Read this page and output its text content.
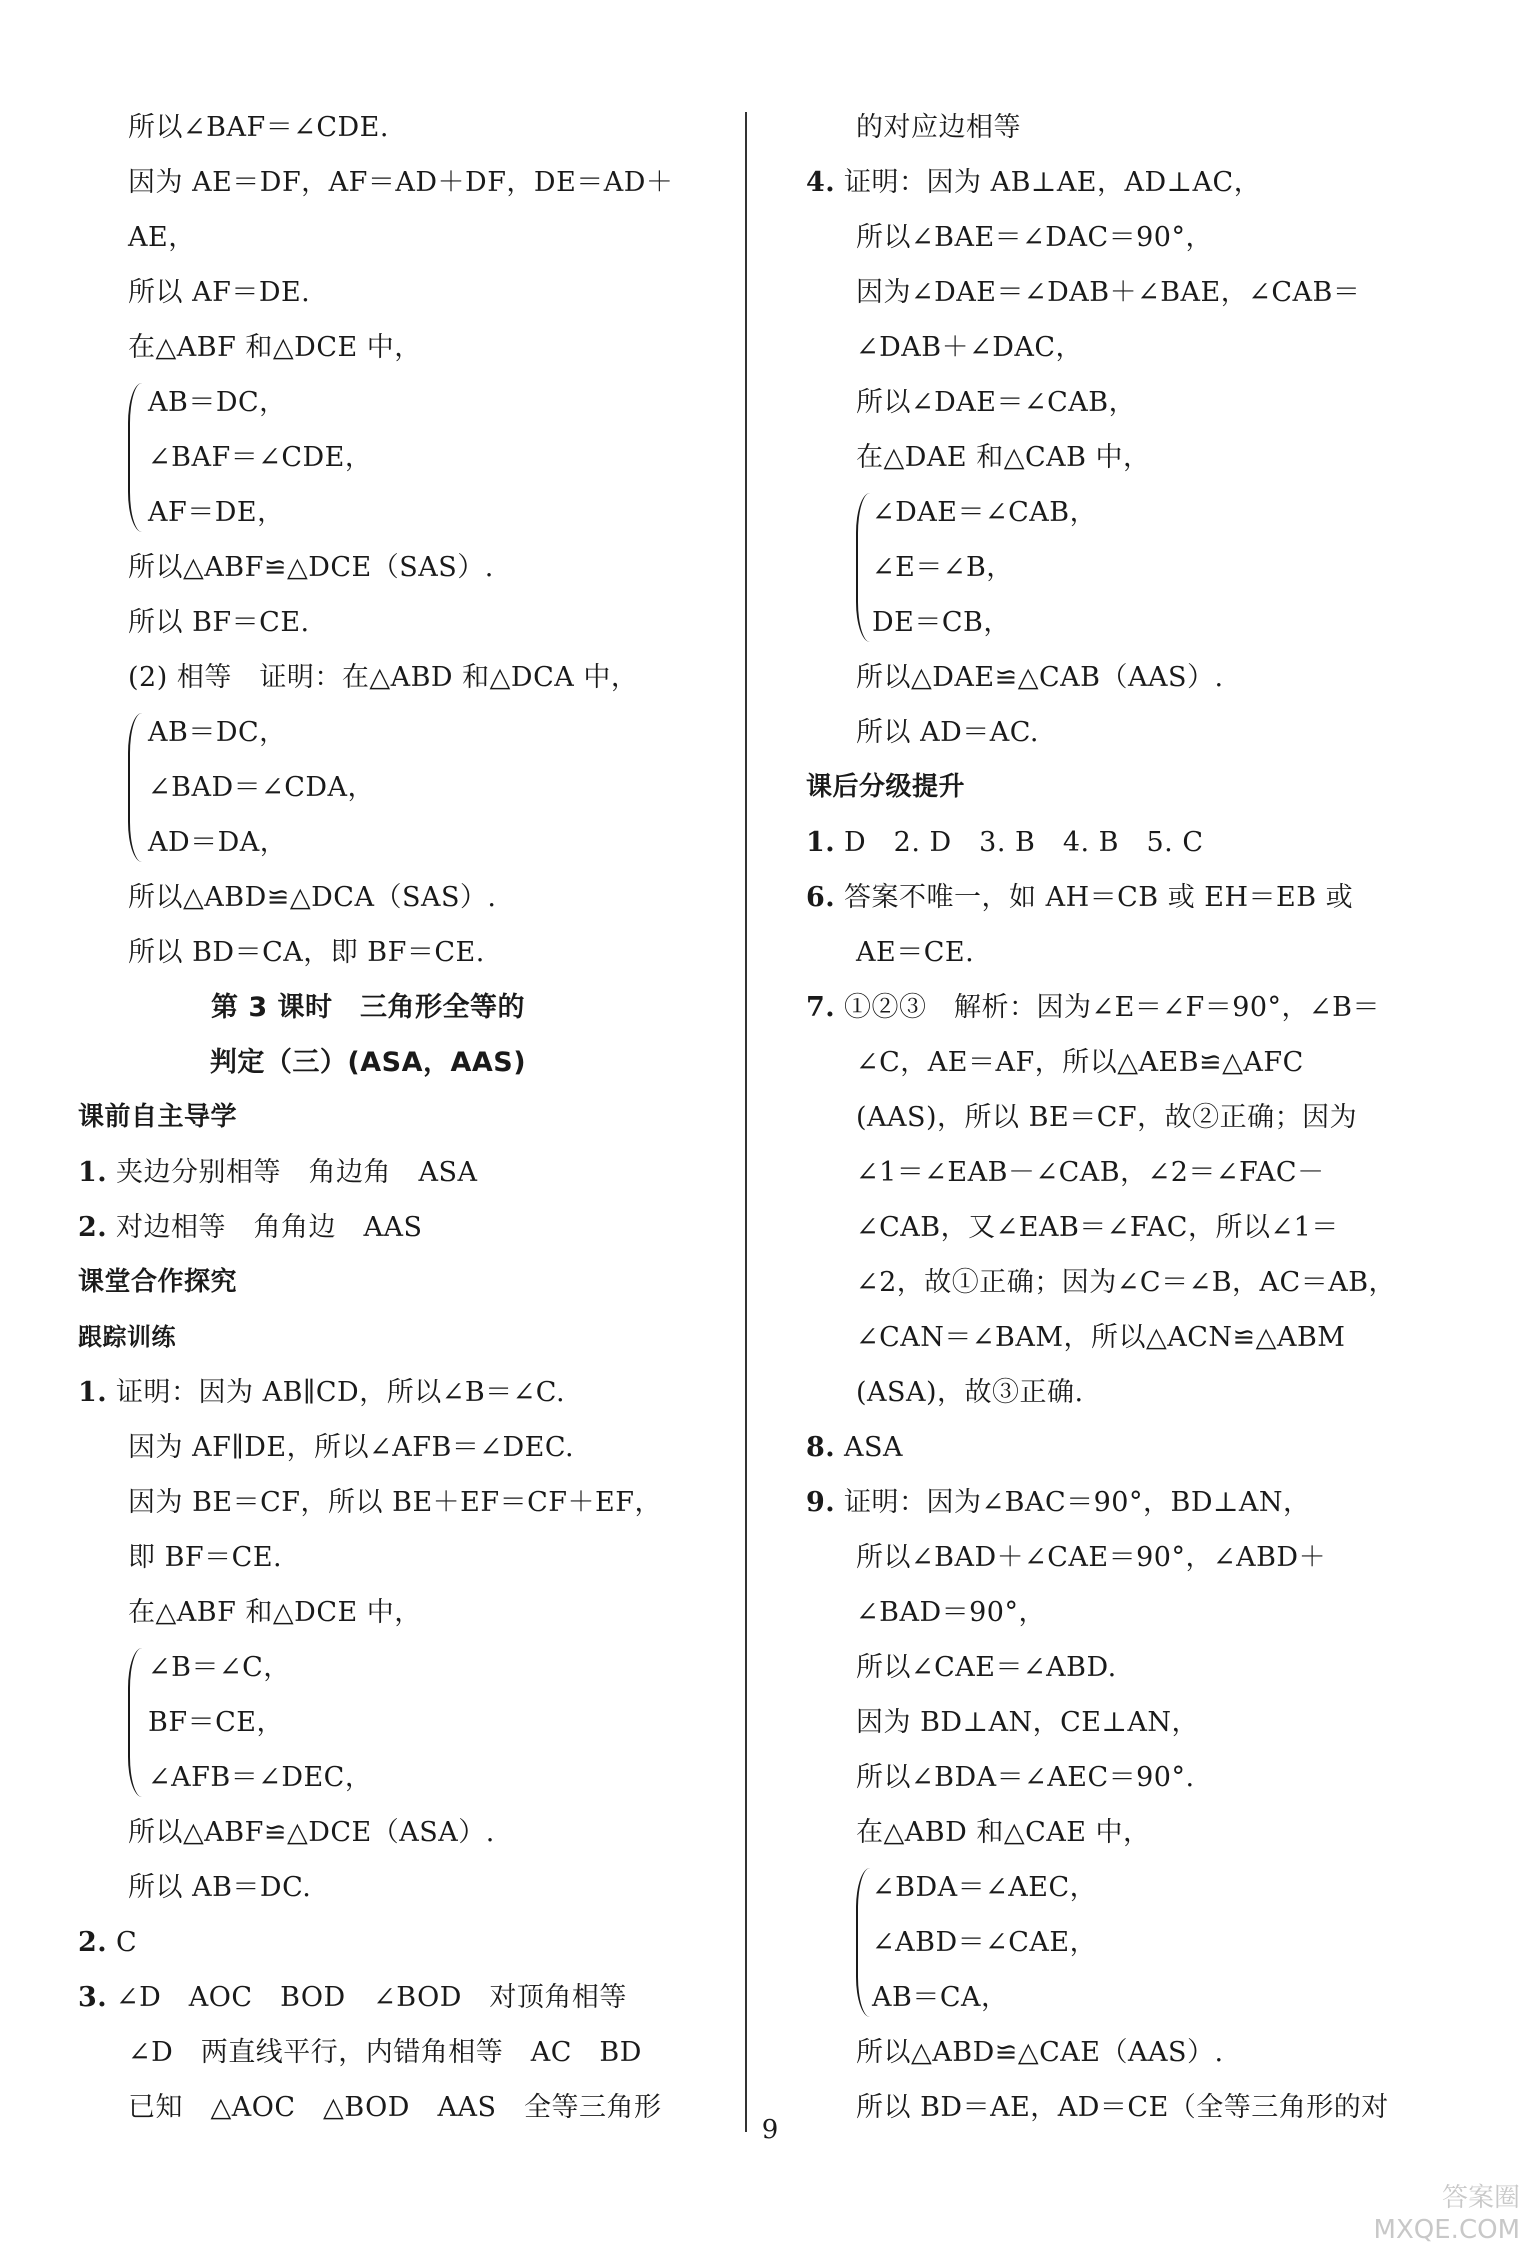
所以∠BAF＝∠CDE.
因为 AE＝DF，AF＝AD＋DF，DE＝AD＋
AE，
所以 AF＝DE.
在△ABF 和△DCE 中，
AB＝DC，
∠BAF＝∠CDE，
AF＝DE，
所以△ABF≌△DCE（SAS）.
所以 BF＝CE.
(2) 相等　证明：在△ABD 和△DCA 中，
AB＝DC，
∠BAD＝∠CDA，
AD＝DA，
所以△ABD≌△DCA（SAS）.
所以 BD＝CA，即 BF＝CE.
第 3 课时　三角形全等的
判定（三）(ASA，AAS)
课前自主导学
1. 夹边分别相等　角边角　ASA
2. 对边相等　角角边　AAS
课堂合作探究
跟踪训练
1. 证明：因为 AB∥CD，所以∠B＝∠C.
因为 AF∥DE，所以∠AFB＝∠DEC.
因为 BE＝CF，所以 BE＋EF＝CF＋EF，
即 BF＝CE.
在△ABF 和△DCE 中，
∠B＝∠C，
BF＝CE，
∠AFB＝∠DEC，
所以△ABF≌△DCE（ASA）.
所以 AB＝DC.
2. C
3. ∠D　AOC　BOD　∠BOD　对顶角相等
∠D　两直线平行，内错角相等　AC　BD
已知　△AOC　△BOD　AAS　全等三角形
的对应边相等
4. 证明：因为 AB⊥AE，AD⊥AC，
所以∠BAE＝∠DAC＝90°，
因为∠DAE＝∠DAB＋∠BAE，∠CAB＝
∠DAB＋∠DAC，
所以∠DAE＝∠CAB，
在△DAE 和△CAB 中，
∠DAE＝∠CAB，
∠E＝∠B，
DE＝CB，
所以△DAE≌△CAB（AAS）.
所以 AD＝AC.
课后分级提升
1. D　2. D　3. B　4. B　5. C
6. 答案不唯一，如 AH＝CB 或 EH＝EB 或
AE＝CE.
7. ①②③　解析：因为∠E＝∠F＝90°，∠B＝
∠C，AE＝AF，所以△AEB≌△AFC
(AAS)，所以 BE＝CF，故②正确；因为
∠1＝∠EAB－∠CAB，∠2＝∠FAC－
∠CAB，又∠EAB＝∠FAC，所以∠1＝
∠2，故①正确；因为∠C＝∠B，AC＝AB，
∠CAN＝∠BAM，所以△ACN≌△ABM
(ASA)，故③正确.
8. ASA
9. 证明：因为∠BAC＝90°，BD⊥AN，
所以∠BAD＋∠CAE＝90°，∠ABD＋
∠BAD＝90°，
所以∠CAE＝∠ABD.
因为 BD⊥AN，CE⊥AN，
所以∠BDA＝∠AEC＝90°.
在△ABD 和△CAE 中，
∠BDA＝∠AEC，
∠ABD＝∠CAE，
AB＝CA，
所以△ABD≌△CAE（AAS）.
所以 BD＝AE，AD＝CE（全等三角形的对
9
答案圈 MXQE.COM
